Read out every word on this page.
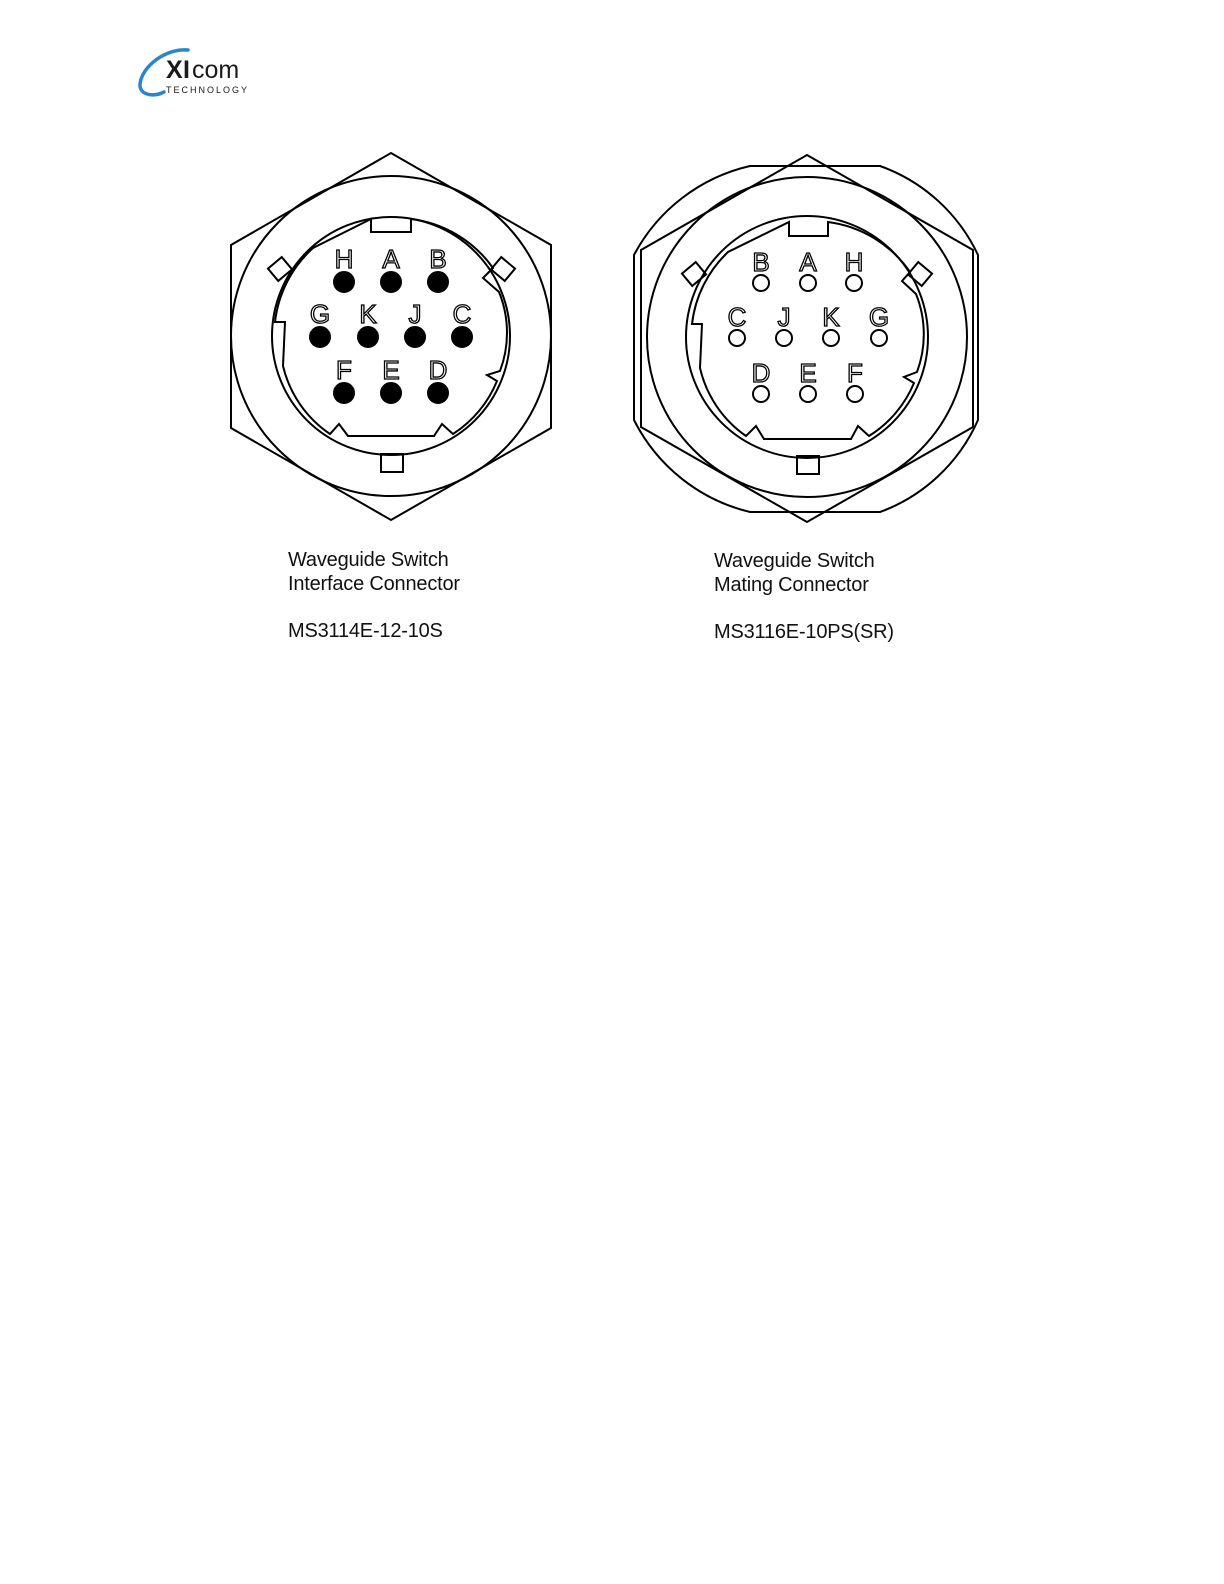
X I com
TECHNOLOGY
H A B
G K J C
F E D
B A H
C J K G
D E F
Waveguide Switch
Interface Connector
MS3114E-12-10S
Waveguide Switch
Mating Connector
MS3116E-10PS(SR)
